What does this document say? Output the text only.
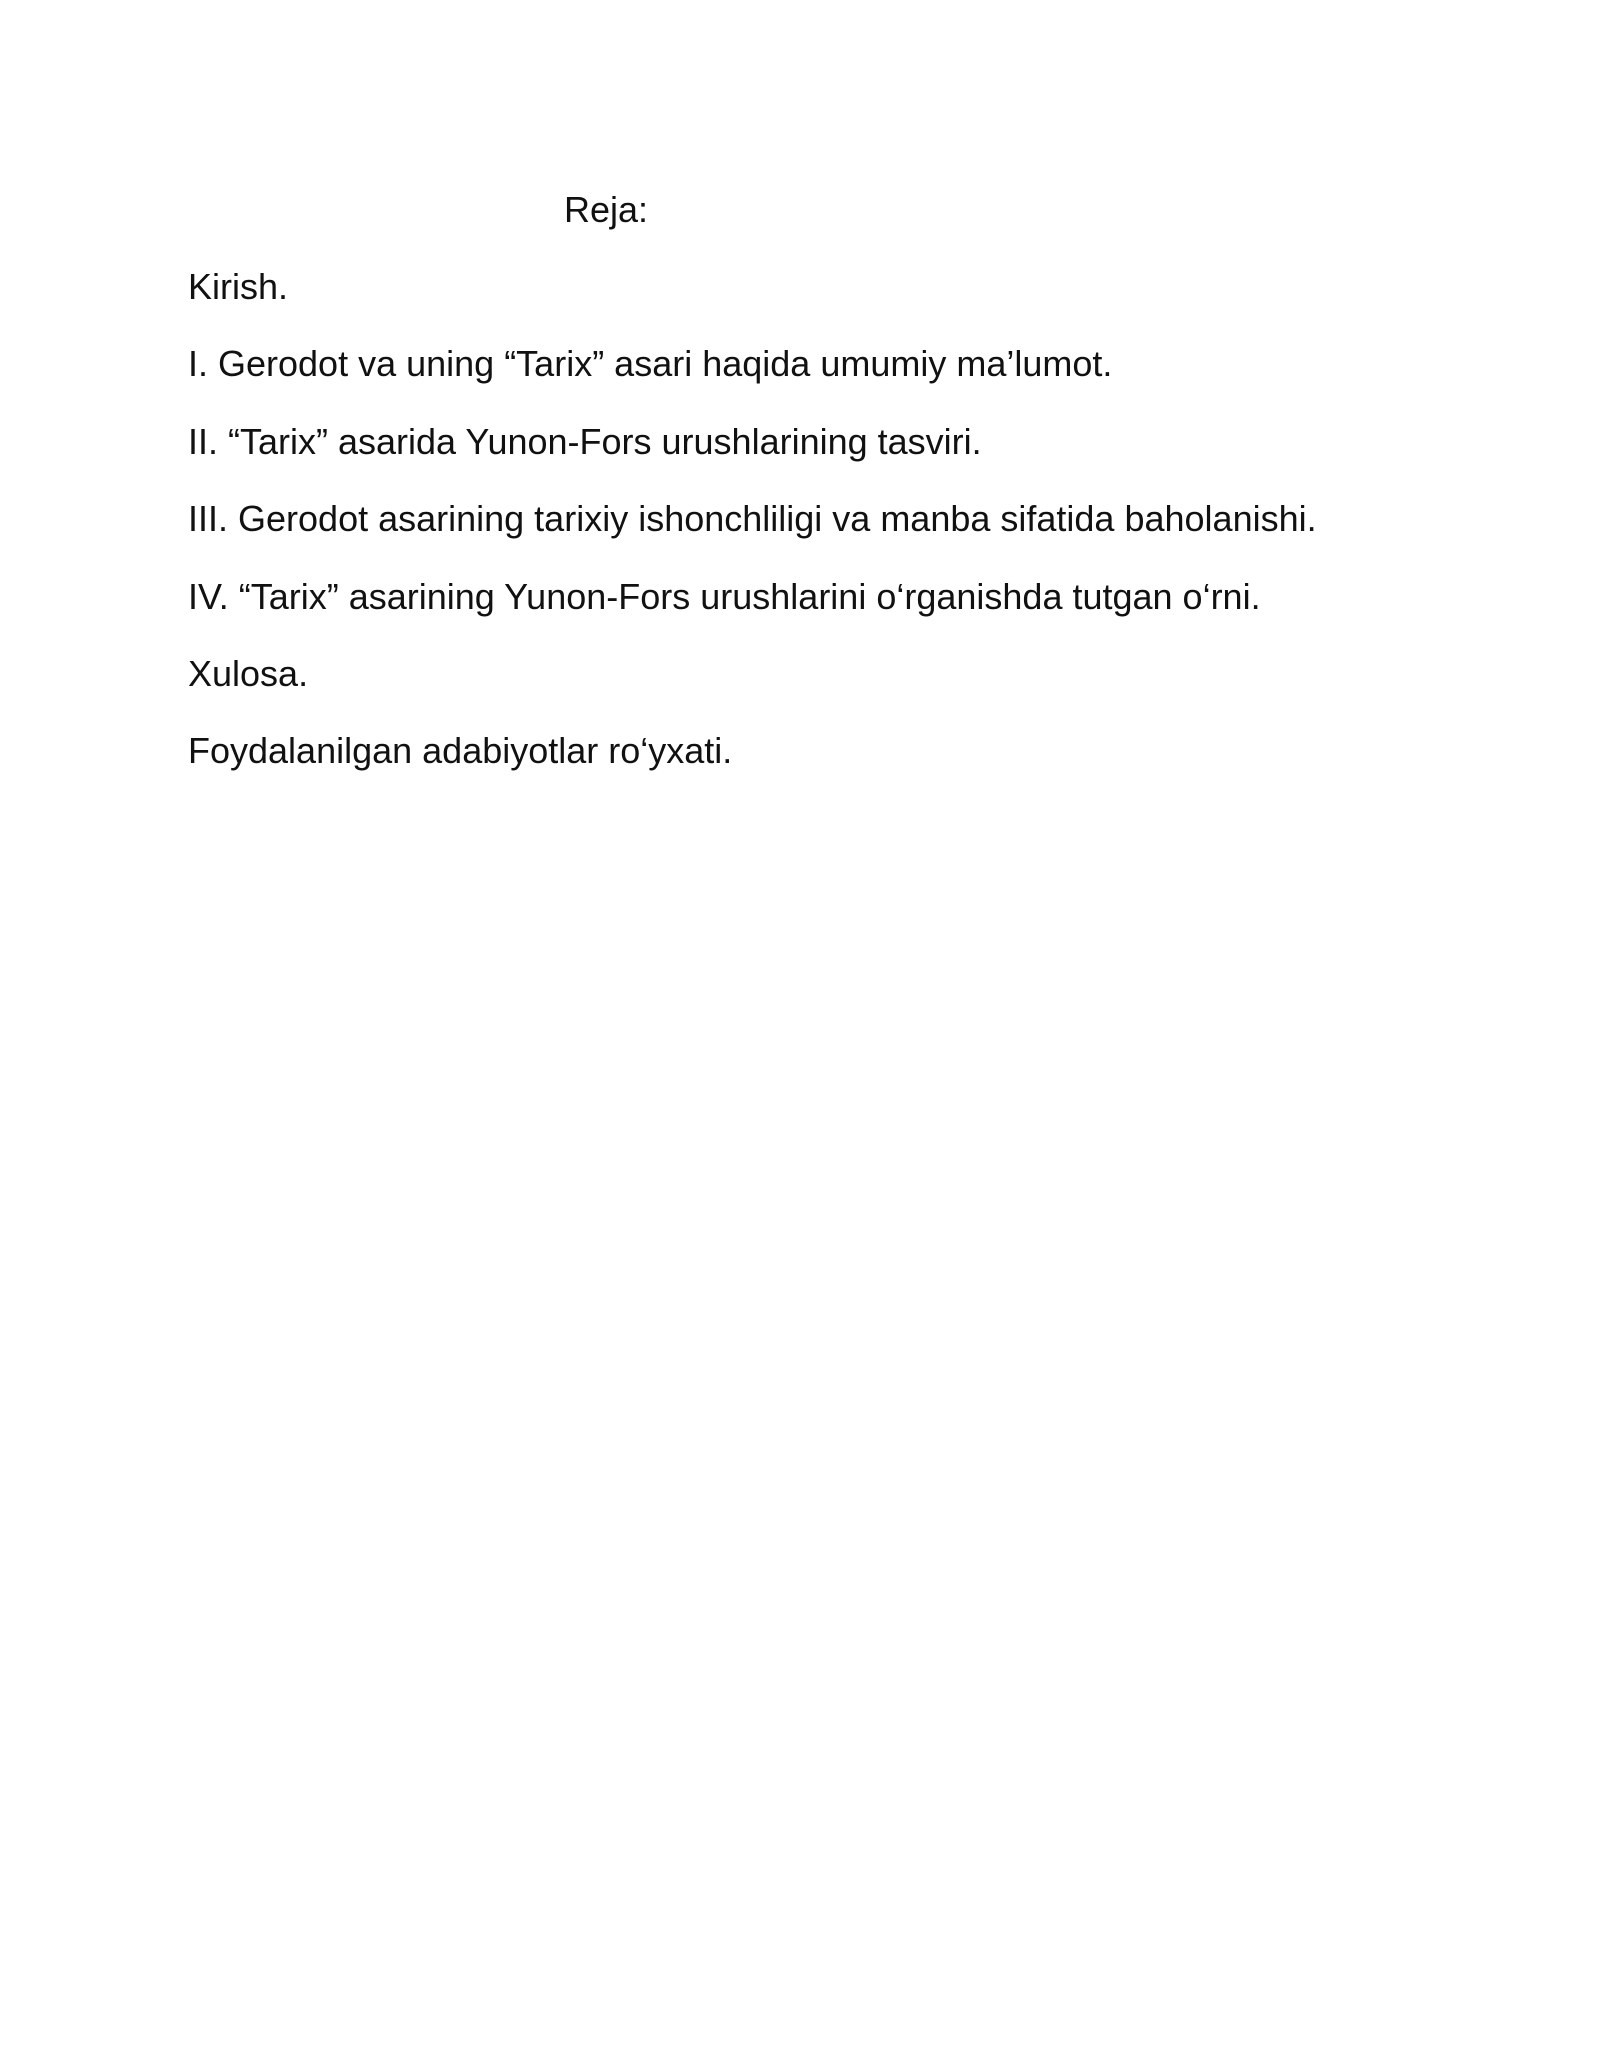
Reja:
Kirish.
I. Gerodot va uning “Tarix” asari haqida umumiy ma’lumot.
II. “Tarix” asarida Yunon-Fors urushlarining tasviri.
III. Gerodot asarining tarixiy ishonchliligi va manba sifatida baholanishi.
IV. “Tarix” asarining Yunon-Fors urushlarini o‘rganishda tutgan o‘rni.
Xulosa.
Foydalanilgan adabiyotlar ro‘yxati.
